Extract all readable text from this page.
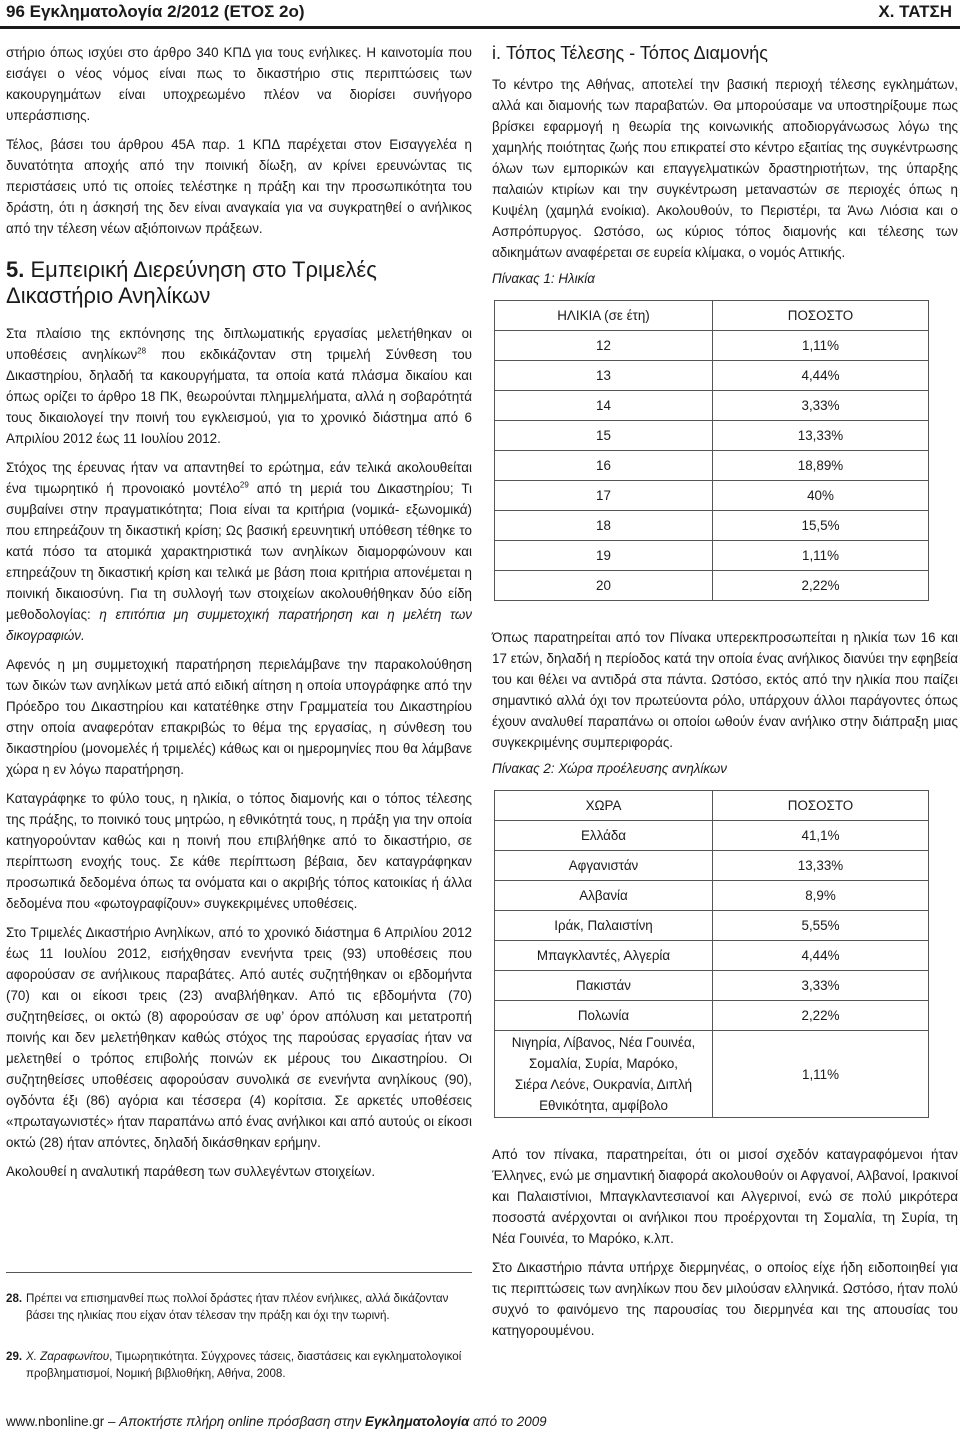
96 Εγκληματολογία 2/2012 (ΕΤΟΣ 2ο)	Χ. ΤΑΤΣΗ

στήριο όπως ισχύει στο άρθρο 340 ΚΠΔ για τους ενήλικες. Η καινοτομία που εισάγει ο νέος νόμος είναι πως το δικαστήριο στις περιπτώσεις των κακουργημάτων είναι υποχρεωμένο πλέον να διορίσει συνήγορο υπεράσπισης.

Τέλος, βάσει του άρθρου 45Α παρ. 1 ΚΠΔ παρέχεται στον Εισαγγελέα η δυνατότητα αποχής από την ποινική δίωξη, αν κρίνει ερευνώντας τις περιστάσεις υπό τις οποίες τελέστηκε η πράξη και την προσωπικότητα του δράστη, ότι η άσκησή της δεν είναι αναγκαία για να συγκρατηθεί ο ανήλικος από την τέλεση νέων αξιόποινων πράξεων.

5. Εμπειρική Διερεύνηση στο Τριμελές Δικαστήριο Ανηλίκων

Στα πλαίσιο της εκπόνησης της διπλωματικής εργασίας μελετήθηκαν οι υποθέσεις ανηλίκων$^{28}$ που εκδικάζονταν στη τριμελή Σύνθεση του Δικαστηρίου, δηλαδή τα κακουργήματα, τα οποία κατά πλάσμα δικαίου και όπως ορίζει το άρθρο 18 ΠΚ, θεωρούνται πλημμελήματα, αλλά η σοβαρότητά τους δικαιολογεί την ποινή του εγκλεισμού, για το χρονικό διάστημα από 6 Απριλίου 2012 έως 11 Ιουλίου 2012.

Στόχος της έρευνας ήταν να απαντηθεί το ερώτημα, εάν τελικά ακολουθείται ένα τιμωρητικό ή προνοιακό μοντέλο$^{29}$ από τη μεριά του Δικαστηρίου; Τι συμβαίνει στην πραγματικότητα; Ποια είναι τα κριτήρια (νομικά- εξωνομικά) που επηρεάζουν τη δικαστική κρίση; Ως βασική ερευνητική υπόθεση τέθηκε το κατά πόσο τα ατομικά χαρακτηριστικά των ανηλίκων διαμορφώνουν και επηρεάζουν τη δικαστική κρίση και τελικά με βάση ποια κριτήρια απονέμεται η ποινική δικαιοσύνη. Για τη συλλογή των στοιχείων ακολουθήθηκαν δύο είδη μεθοδολογίας: η επιτόπια μη συμμετοχική παρατήρηση και η μελέτη των δικογραφιών.

Αφενός η μη συμμετοχική παρατήρηση περιελάμβανε την παρακολούθηση των δικών των ανηλίκων μετά από ειδική αίτηση η οποία υπογράφηκε από την Πρόεδρο του Δικαστηρίου και κατατέθηκε στην Γραμματεία του Δικαστηρίου στην οποία αναφερόταν επακριβώς το θέμα της εργασίας, η σύνθεση του δικαστηρίου (μονομελές ή τριμελές) κάθως και οι ημερομηνίες που θα λάμβανε χώρα η εν λόγω παρατήρηση.

Καταγράφηκε το φύλο τους, η ηλικία, ο τόπος διαμονής και ο τόπος τέλεσης της πράξης, το ποινικό τους μητρώο, η εθνικότητά τους, η πράξη για την οποία κατηγορούνταν καθώς και η ποινή που επιβλήθηκε από το δικαστήριο, σε περίπτωση ενοχής τους. Σε κάθε περίπτωση βέβαια, δεν καταγράφηκαν προσωπικά δεδομένα όπως τα ονόματα και ο ακριβής τόπος κατοικίας ή άλλα δεδομένα που «φωτογραφίζουν» συγκεκριμένες υποθέσεις.

Στο Τριμελές Δικαστήριο Ανηλίκων, από το χρονικό διάστημα 6 Απριλίου 2012 έως 11 Ιουλίου 2012, εισήχθησαν ενενήντα τρεις (93) υποθέσεις που αφορούσαν σε ανήλικους παραβάτες. Από αυτές συζητήθηκαν οι εβδομήντα (70) και οι είκοσι τρεις (23) αναβλήθηκαν. Από τις εβδομήντα (70) συζητηθείσες, οι οκτώ (8) αφορούσαν σε υφ’ όρον απόλυση και μετατροπή ποινής και δεν μελετήθηκαν καθώς στόχος της παρούσας εργασίας ήταν να μελετηθεί ο τρόπος επιβολής ποινών εκ μέρους του Δικαστηρίου. Οι συζητηθείσες υποθέσεις αφορούσαν συνολικά σε ενενήντα ανηλίκους (90), ογδόντα έξι (86) αγόρια και τέσσερα (4) κορίτσια. Σε αρκετές υποθέσεις «πρωταγωνιστές» ήταν παραπάνω από ένας ανήλικοι και από αυτούς οι είκοσι οκτώ (28) ήταν απόντες, δηλαδή δικάσθηκαν ερήμην.

Ακολουθεί η αναλυτική παράθεση των συλλεγέντων στοιχείων.

28. Πρέπει να επισημανθεί πως πολλοί δράστες ήταν πλέον ενήλικες, αλλά δικάζονταν βάσει της ηλικίας που είχαν όταν τέλεσαν την πράξη και όχι την τωρινή.
29. Χ. Ζαραφωνίτου, Τιμωρητικότητα. Σύγχρονες τάσεις, διαστάσεις και εγκληματολογικοί προβληματισμοί, Νομική βιβλιοθήκη, Αθήνα, 2008.
i. Τόπος Τέλεσης - Τόπος Διαμονής

Το κέντρο της Αθήνας, αποτελεί την βασική περιοχή τέλεσης εγκλημάτων, αλλά και διαμονής των παραβατών. Θα μπορούσαμε να υποστηρίξουμε πως βρίσκει εφαρμογή η θεωρία της κοινωνικής αποδιοργάνωσως λόγω της χαμηλής ποιότητας ζωής που επικρατεί στο κέντρο εξαιτίας της συγκέντρωσης όλων των εμπορικών και επαγγελματικών δραστηριοτήτων, της ύπαρξης παλαιών κτιρίων και την συγκέντρωση μεταναστών σε περιοχές όπως η Κυψέλη (χαμηλά ενοίκια). Ακολουθούν, το Περιστέρι, τα Άνω Λιόσια και ο Ασπρόπυργος. Ωστόσο, ως κύριος τόπος διαμονής και τέλεσης των αδικημάτων αναφέρεται σε ευρεία κλίμακα, ο νομός Αττικής.

Πίνακας 1: Ηλικία
ΗΛΙΚΙΑ (σε έτη)	ΠΟΣΟΣΤΟ
12	1,11%
13	4,44%
14	3,33%
15	13,33%
16	18,89%
17	40%
18	15,5%
19	1,11%
20	2,22%

Όπως παρατηρείται από τον Πίνακα υπερεκπροσωπείται η ηλικία των 16 και 17 ετών, δηλαδή η περίοδος κατά την οποία ένας ανήλικος διανύει την εφηβεία του και θέλει να αντιδρά στα πάντα. Ωστόσο, εκτός από την ηλικία που παίζει σημαντικό αλλά όχι τον πρωτεύοντα ρόλο, υπάρχουν άλλοι παράγοντες όπως έχουν αναλυθεί παραπάνω οι οποίοι ωθούν έναν ανήλικο στην διάπραξη μιας συγκεκριμένης συμπεριφοράς.

Πίνακας 2: Χώρα προέλευσης ανηλίκων
ΧΩΡΑ	ΠΟΣΟΣΤΟ
Ελλάδα	41,1%
Αφγανιστάν	13,33%
Αλβανία	8,9%
Ιράκ, Παλαιστίνη	5,55%
Μπαγκλαντές, Αλγερία	4,44%
Πακιστάν	3,33%
Πολωνία	2,22%
Νιγηρία, Λίβανος, Νέα Γουινέα,
Σομαλία, Συρία, Μαρόκο,
Σιέρα Λεόνε, Ουκρανία, Διπλή
Εθνικότητα, αμφίβολο	1,11%

Από τον πίνακα, παρατηρείται, ότι οι μισοί σχεδόν καταγραφόμενοι ήταν Έλληνες, ενώ με σημαντική διαφορά ακολουθούν οι Αφγανοί, Αλβανοί, Ιρακινοί και Παλαιστίνιοι, Μπαγκλαντεσιανοί και Αλγερινοί, ενώ σε πολύ μικρότερα ποσοστά ανέρχονται οι ανήλικοι που προέρχονται τη Σομαλία, τη Συρία, τη Νέα Γουινέα, το Μαρόκο, κ.λπ.

Στο Δικαστήριο πάντα υπήρχε διερμηνέας, ο οποίος είχε ήδη ειδοποιηθεί για τις περιπτώσεις των ανηλίκων που δεν μιλούσαν ελληνικά. Ωστόσο, ήταν πολύ συχνό το φαινόμενο της παρουσίας του διερμηνέα και της απουσίας του κατηγορουμένου.

www.nbonline.gr – Αποκτήστε πλήρη online πρόσβαση στην Εγκληματολογία από το 2009
